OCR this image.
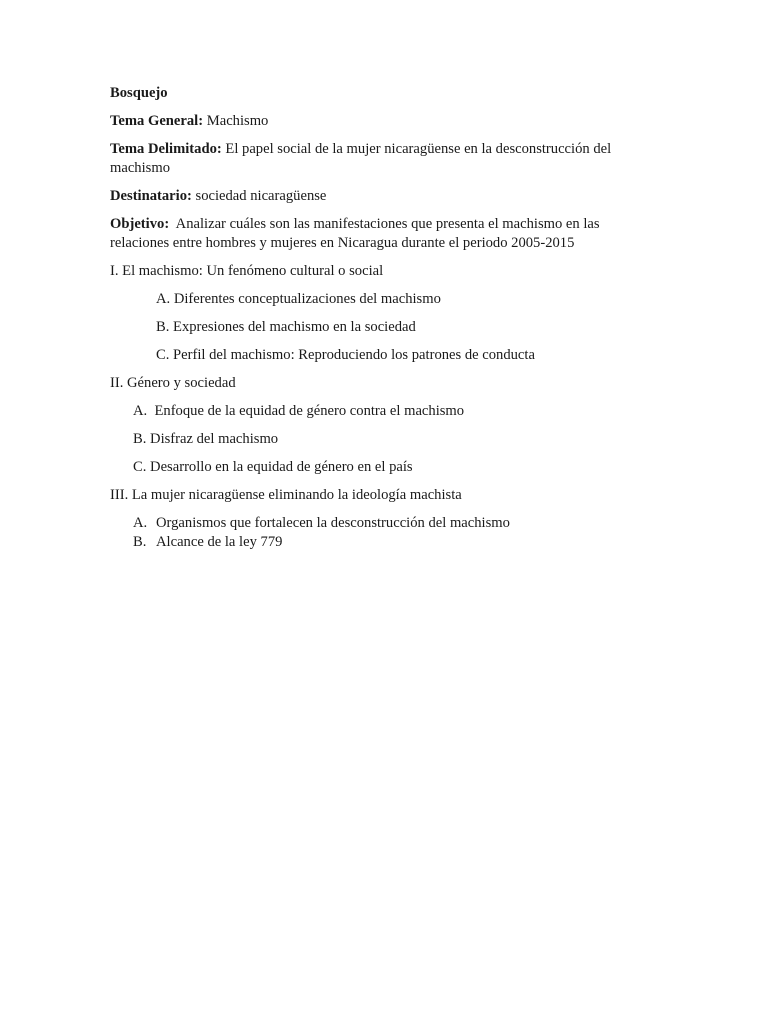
Bosquejo

Tema General: Machismo

Tema Delimitado: El papel social de la mujer nicaragüense en la desconstrucción del machismo

Destinatario: sociedad nicaragüense

Objetivo:  Analizar cuáles son las manifestaciones que presenta el machismo en las relaciones entre hombres y mujeres en Nicaragua durante el periodo 2005-2015

I. El machismo: Un fenómeno cultural o social

A. Diferentes conceptualizaciones del machismo

B. Expresiones del machismo en la sociedad

C. Perfil del machismo: Reproduciendo los patrones de conducta

II. Género y sociedad

A.  Enfoque de la equidad de género contra el machismo

B. Disfraz del machismo

C. Desarrollo en la equidad de género en el país

III. La mujer nicaragüense eliminando la ideología machista

A. Organismos que fortalecen la desconstrucción del machismo

B. Alcance de la ley 779
